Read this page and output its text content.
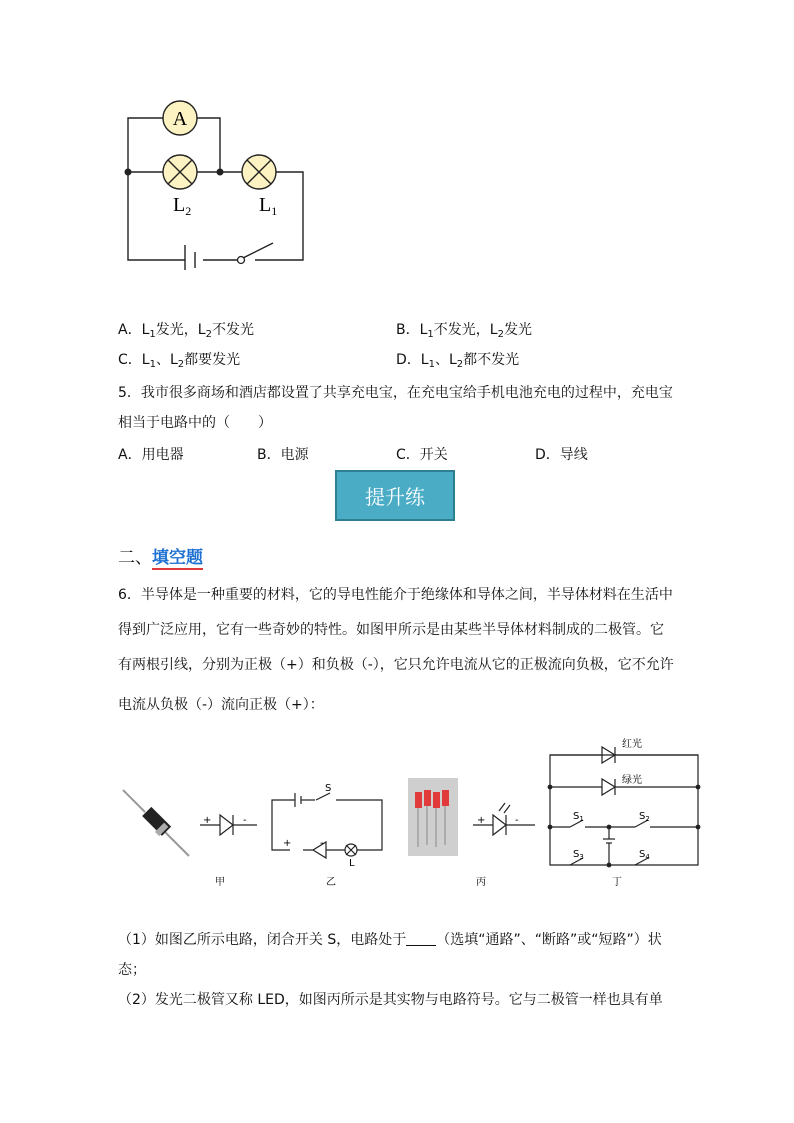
A
$L_2$	$L_1$
A．$L_1$发光，$L_2$不发光	B．$L_1$不发光，$L_2$发光
C．$L_1$、$L_2$都要发光	D．$L_1$、$L_2$都不发光
5．我市很多商场和酒店都设置了共享充电宝，在充电宝给手机电池充电的过程中，充电宝
相当于电路中的（　　）
A．用电器	B．电源	C．开关	D．导线
提升练
二、填空题
6．半导体是一种重要的材料，它的导电性能介于绝缘体和导体之间，半导体材料在生活中
得到广泛应用，它有一些奇妙的特性。如图甲所示是由某些半导体材料制成的二极管。它
有两根引线，分别为正极（+）和负极（-），它只允许电流从它的正极流向负极，它不允许
电流从负极（-）流向正极（+）：
+	-
甲
S
+	-
L
乙
+	-
丙
红光
绿光
$S_1$	$S_2$
$S_3$	$S_4$
丁
（1）如图乙所示电路，闭合开关 S，电路处于 （选填“通路”、“断路”或“短路”）状
态；
（2）发光二极管又称 LED，如图丙所示是其实物与电路符号。它与二极管一样也具有单
